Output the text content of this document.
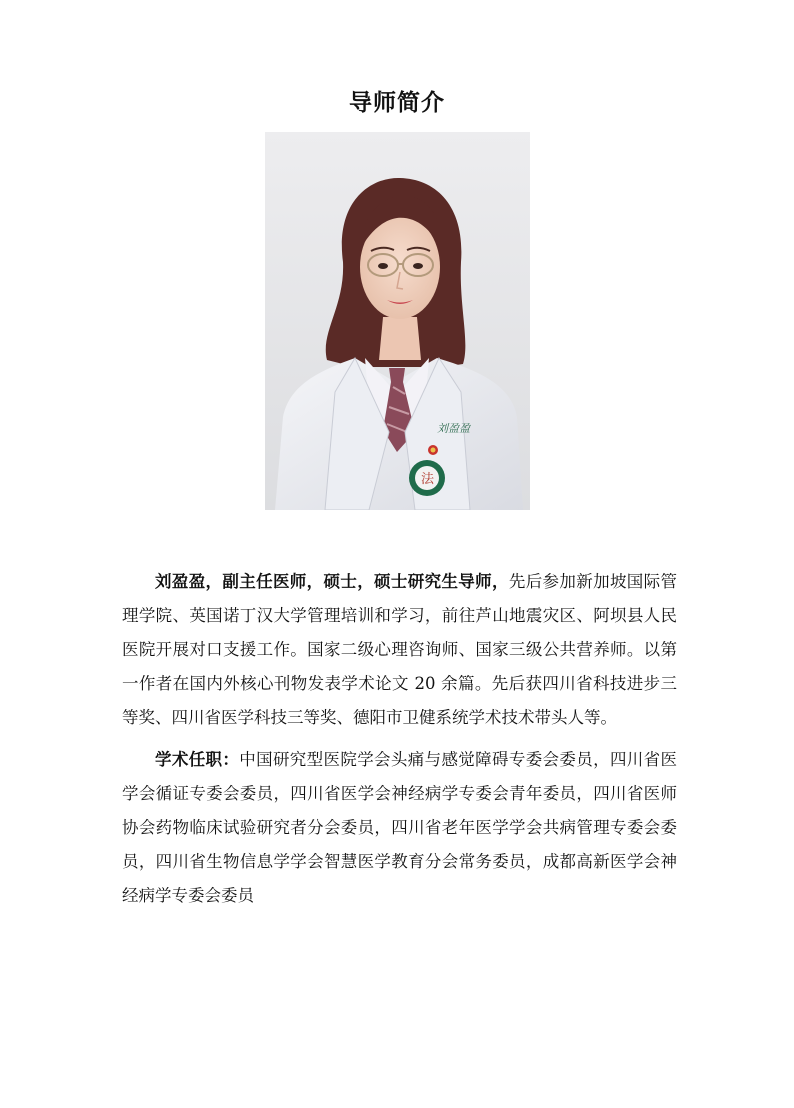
导师简介
刘盈盈
法

刘盈盈，副主任医师，硕士，硕士研究生导师，先后参加新加坡国际管理学院、英国诺丁汉大学管理培训和学习，前往芦山地震灾区、阿坝县人民医院开展对口支援工作。国家二级心理咨询师、国家三级公共营养师。以第一作者在国内外核心刊物发表学术论文 20 余篇。先后获四川省科技进步三等奖、四川省医学科技三等奖、德阳市卫健系统学术技术带头人等。

学术任职：中国研究型医院学会头痛与感觉障碍专委会委员，四川省医学会循证专委会委员，四川省医学会神经病学专委会青年委员，四川省医师协会药物临床试验研究者分会委员，四川省老年医学学会共病管理专委会委员，四川省生物信息学学会智慧医学教育分会常务委员，成都高新医学会神经病学专委会委员
